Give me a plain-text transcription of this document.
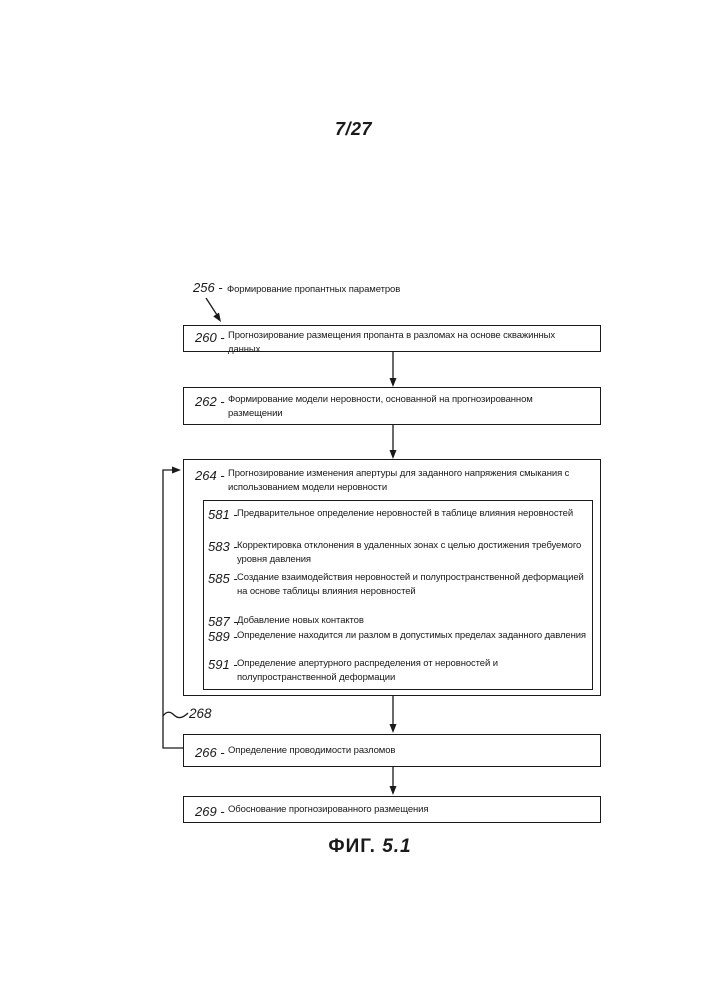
7/27
256 - Формирование пропантных параметров
260 - Прогнозирование размещения пропанта в разломах на основе скважинных
данных
262 - Формирование модели неровности, основанной на прогнозированном
размещении
264 - Прогнозирование изменения апертуры для заданного напряжения смыкания с
использованием модели неровности
581 - Предварительное определение неровностей в таблице влияния неровностей
583 - Корректировка отклонения в удаленных зонах с целью достижения требуемого
уровня давления
585 - Создание взаимодействия неровностей и полупространственной деформацией
на основе таблицы влияния неровностей
587 - Добавление новых контактов
589 - Определение находится ли разлом в допустимых пределах заданного давления
591 - Определение апертурного распределения от неровностей и
полупространственной деформации
268
266 - Определение проводимости разломов
269 - Обоснование прогнозированного размещения
ФИГ. 5.1
